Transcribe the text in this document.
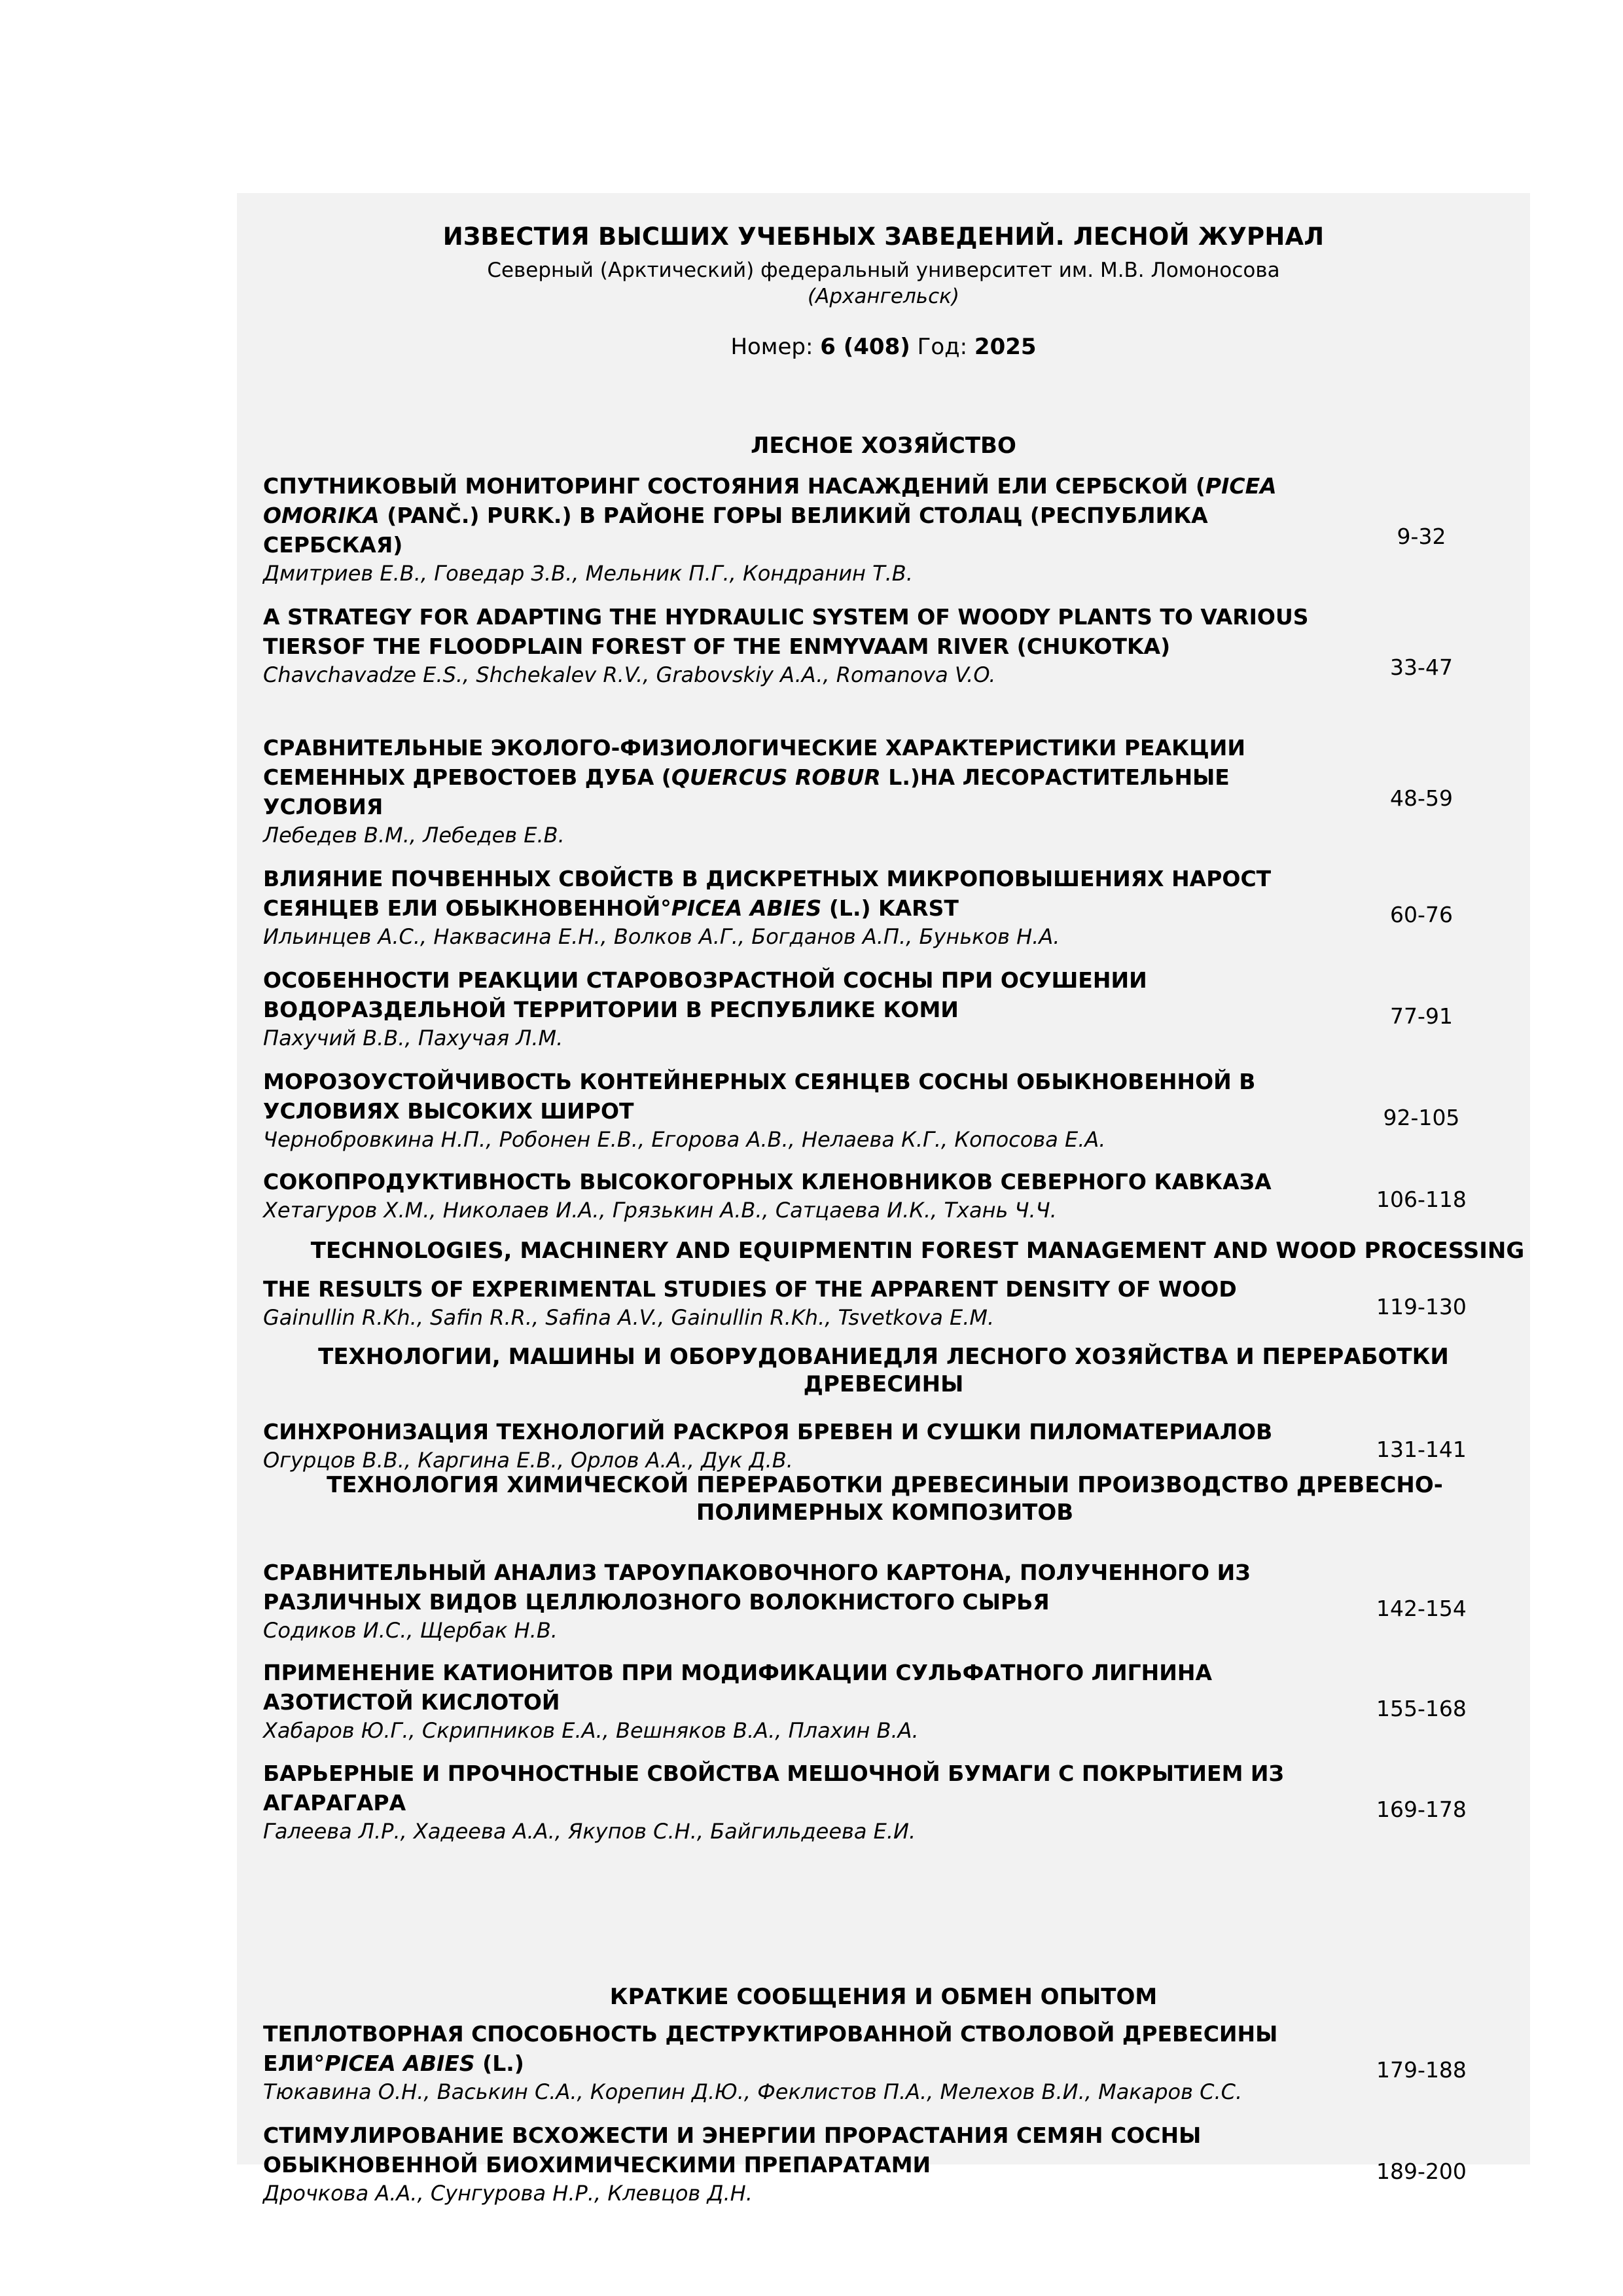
ИЗВЕСТИЯ ВЫСШИХ УЧЕБНЫХ ЗАВЕДЕНИЙ. ЛЕСНОЙ ЖУРНАЛ
Северный (Арктический) федеральный университет им. М.В. Ломоносова
(Архангельск)
Номер: 6 (408) Год: 2025
ЛЕСНОЕ ХОЗЯЙСТВО
TECHNOLOGIES, MACHINERY AND EQUIPMENTIN FOREST MANAGEMENT AND WOOD PROCESSING
ТЕХНОЛОГИИ, МАШИНЫ И ОБОРУДОВАНИЕДЛЯ ЛЕСНОГО ХОЗЯЙСТВА И ПЕРЕРАБОТКИ ДРЕВЕСИНЫ
ТЕХНОЛОГИЯ ХИМИЧЕСКОЙ ПЕРЕРАБОТКИ ДРЕВЕСИНЫИ ПРОИЗВОДСТВО ДРЕВЕСНО-ПОЛИМЕРНЫХ КОМПОЗИТОВ
КРАТКИЕ СООБЩЕНИЯ И ОБМЕН ОПЫТОМ
СПУТНИКОВЫЙ МОНИТОРИНГ СОСТОЯНИЯ НАСАЖДЕНИЙ ЕЛИ СЕРБСКОЙ (PICEA OMORIKA (PANČ.) PURK.) В РАЙОНЕ ГОРЫ ВЕЛИКИЙ СТОЛАЦ (РЕСПУБЛИКА СЕРБСКАЯ)
Дмитриев Е.В., Говедар З.В., Мельник П.Г., Кондранин Т.В.
9-32
A STRATEGY FOR ADAPTING THE HYDRAULIC SYSTEM OF WOODY PLANTS TO VARIOUS TIERSOF THE FLOODPLAIN FOREST OF THE ENMYVAAM RIVER (CHUKOTKA)
Chavchavadze E.S., Shchekalev R.V., Grabovskiy A.A., Romanova V.O.	33-47
СРАВНИТЕЛЬНЫЕ ЭКОЛОГО-ФИЗИОЛОГИЧЕСКИЕ ХАРАКТЕРИСТИКИ РЕАКЦИИ СЕМЕННЫХ ДРЕВОСТОЕВ ДУБА (QUERCUS ROBUR L.)НА ЛЕСОРАСТИТЕЛЬНЫЕ УСЛОВИЯ
Лебедев В.М., Лебедев Е.В.
48-59
ВЛИЯНИЕ ПОЧВЕННЫХ СВОЙСТВ В ДИСКРЕТНЫХ МИКРОПОВЫШЕНИЯХ НАРОСТ СЕЯНЦЕВ ЕЛИ ОБЫКНОВЕННОЙ°PICEA ABIES (L.) KARST
Ильинцев А.С., Наквасина Е.Н., Волков А.Г., Богданов А.П., Буньков Н.А.
60-76
ОСОБЕННОСТИ РЕАКЦИИ СТАРОВОЗРАСТНОЙ СОСНЫ ПРИ ОСУШЕНИИ ВОДОРАЗДЕЛЬНОЙ ТЕРРИТОРИИ В РЕСПУБЛИКЕ КОМИ
Пахучий В.В., Пахучая Л.М.
77-91
МОРОЗОУСТОЙЧИВОСТЬ КОНТЕЙНЕРНЫХ СЕЯНЦЕВ СОСНЫ ОБЫКНОВЕННОЙ В УСЛОВИЯХ ВЫСОКИХ ШИРОТ
Чернобровкина Н.П., Робонен Е.В., Егорова А.В., Нелаева К.Г., Копосова Е.А.
92-105
СОКОПРОДУКТИВНОСТЬ ВЫСОКОГОРНЫХ КЛЕНОВНИКОВ СЕВЕРНОГО КАВКАЗА
Хетагуров Х.М., Николаев И.А., Грязькин А.В., Сатцаева И.К., Тхань Ч.Ч.	106-118
THE RESULTS OF EXPERIMENTAL STUDIES OF THE APPARENT DENSITY OF WOOD
Gainullin R.Kh., Safin R.R., Safina A.V., Gainullin R.Kh., Tsvetkova E.M.	119-130
СИНХРОНИЗАЦИЯ ТЕХНОЛОГИЙ РАСКРОЯ БРЕВЕН И СУШКИ ПИЛОМАТЕРИАЛОВ
Огурцов В.В., Каргина Е.В., Орлов А.А., Дук Д.В.	131-141
СРАВНИТЕЛЬНЫЙ АНАЛИЗ ТАРОУПАКОВОЧНОГО КАРТОНА, ПОЛУЧЕННОГО ИЗ РАЗЛИЧНЫХ ВИДОВ ЦЕЛЛЮЛОЗНОГО ВОЛОКНИСТОГО СЫРЬЯ
Содиков И.С., Щербак Н.В.
142-154
ПРИМЕНЕНИЕ КАТИОНИТОВ ПРИ МОДИФИКАЦИИ СУЛЬФАТНОГО ЛИГНИНА АЗОТИСТОЙ КИСЛОТОЙ
Хабаров Ю.Г., Скрипников Е.А., Вешняков В.А., Плахин В.А.
155-168
БАРЬЕРНЫЕ И ПРОЧНОСТНЫЕ СВОЙСТВА МЕШОЧНОЙ БУМАГИ С ПОКРЫТИЕМ ИЗ АГАРАГАРА
Галеева Л.Р., Хадеева А.А., Якупов С.Н., Байгильдеева Е.И.
169-178
ТЕПЛОТВОРНАЯ СПОСОБНОСТЬ ДЕСТРУКТИРОВАННОЙ СТВОЛОВОЙ ДРЕВЕСИНЫ ЕЛИ°PICEA ABIES (L.)
Тюкавина О.Н., Васькин С.А., Корепин Д.Ю., Феклистов П.А., Мелехов В.И., Макаров С.С.
179-188
СТИМУЛИРОВАНИЕ ВСХОЖЕСТИ И ЭНЕРГИИ ПРОРАСТАНИЯ СЕМЯН СОСНЫ ОБЫКНОВЕННОЙ БИОХИМИЧЕСКИМИ ПРЕПАРАТАМИ
Дрочкова А.А., Сунгурова Н.Р., Клевцов Д.Н.
189-200
